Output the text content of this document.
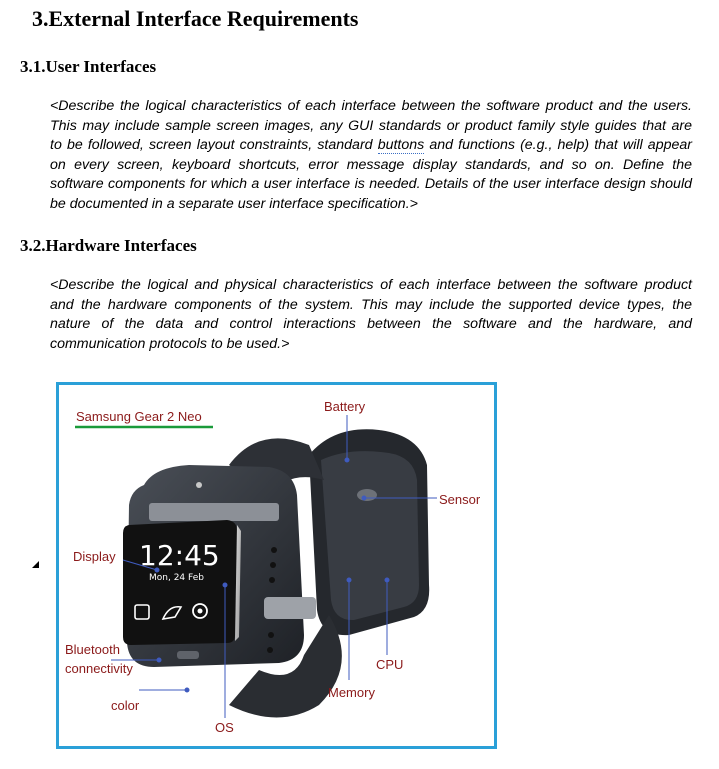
3.External Interface Requirements
3.1.User Interfaces
<Describe the logical characteristics of each interface between the software product and the users.
This may include sample screen images, any GUI standards or product family style guides that are
to be followed, screen layout constraints, standard buttons and functions (e.g., help) that will appear
on every screen, keyboard shortcuts, error message display standards, and so on. Define the
software components for which a user interface is needed. Details of the user interface design should
be documented in a separate user interface specification.>
3.2.Hardware Interfaces
<Describe the logical and physical characteristics of each interface between the software product
and the hardware components of the system. This may include the supported device types, the
nature of the data and control interactions between the software and the hardware, and
communication protocols to be used.>
Samsung Gear 2 Neo
Battery
Sensor
Display
Bluetooth
connectivity	CPU
Memory
color
OS
12:45
Mon, 24 Feb
